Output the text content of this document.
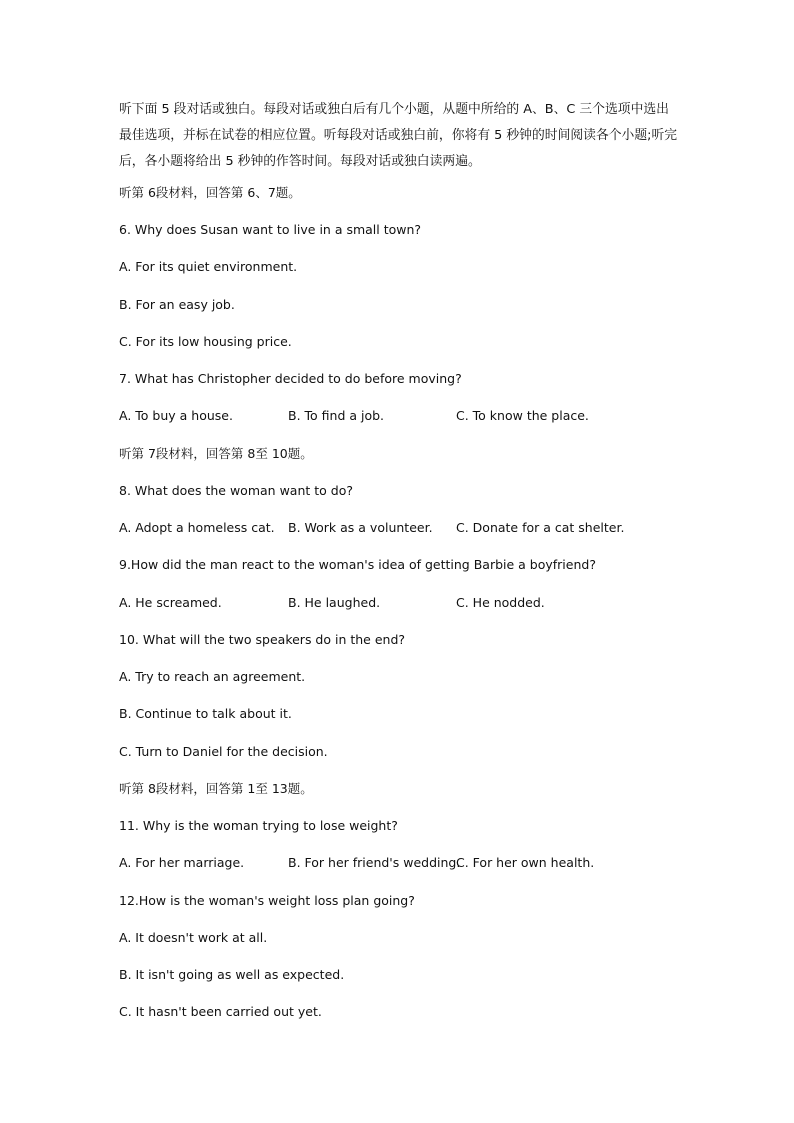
听下面 5 段对话或独白。每段对话或独白后有几个小题，从题中所给的 A、B、C 三个选项中选出最佳选项，并标在试卷的相应位置。听每段对话或独白前，你将有 5 秒钟的时间阅读各个小题;听完后，各小题将给出 5 秒钟的作答时间。每段对话或独白读两遍。
听第 6段材料，回答第 6、7题。
6. Why does Susan want to live in a small town?
A. For its quiet environment.
B. For an easy job.
C. For its low housing price.
7. What has Christopher decided to do before moving?
A. To buy a house.	B. To find a job.	C. To know the place.
听第 7段材料，回答第 8至 10题。
8. What does the woman want to do?
A. Adopt a homeless cat. B. Work as a volunteer. C. Donate for a cat shelter.
9.How did the man react to the woman's idea of getting Barbie a boyfriend?
A. He screamed.	B. He laughed.	C. He nodded.
10. What will the two speakers do in the end?
A. Try to reach an agreement.
B. Continue to talk about it.
C. Turn to Daniel for the decision.
听第 8段材料，回答第 1至 13题。
11. Why is the woman trying to lose weight?
A. For her marriage.	B. For her friend's wedding.
C. For her own health.
12.How is the woman's weight loss plan going?
A. It doesn't work at all.
B. It isn't going as well as expected.
C. It hasn't been carried out yet.
